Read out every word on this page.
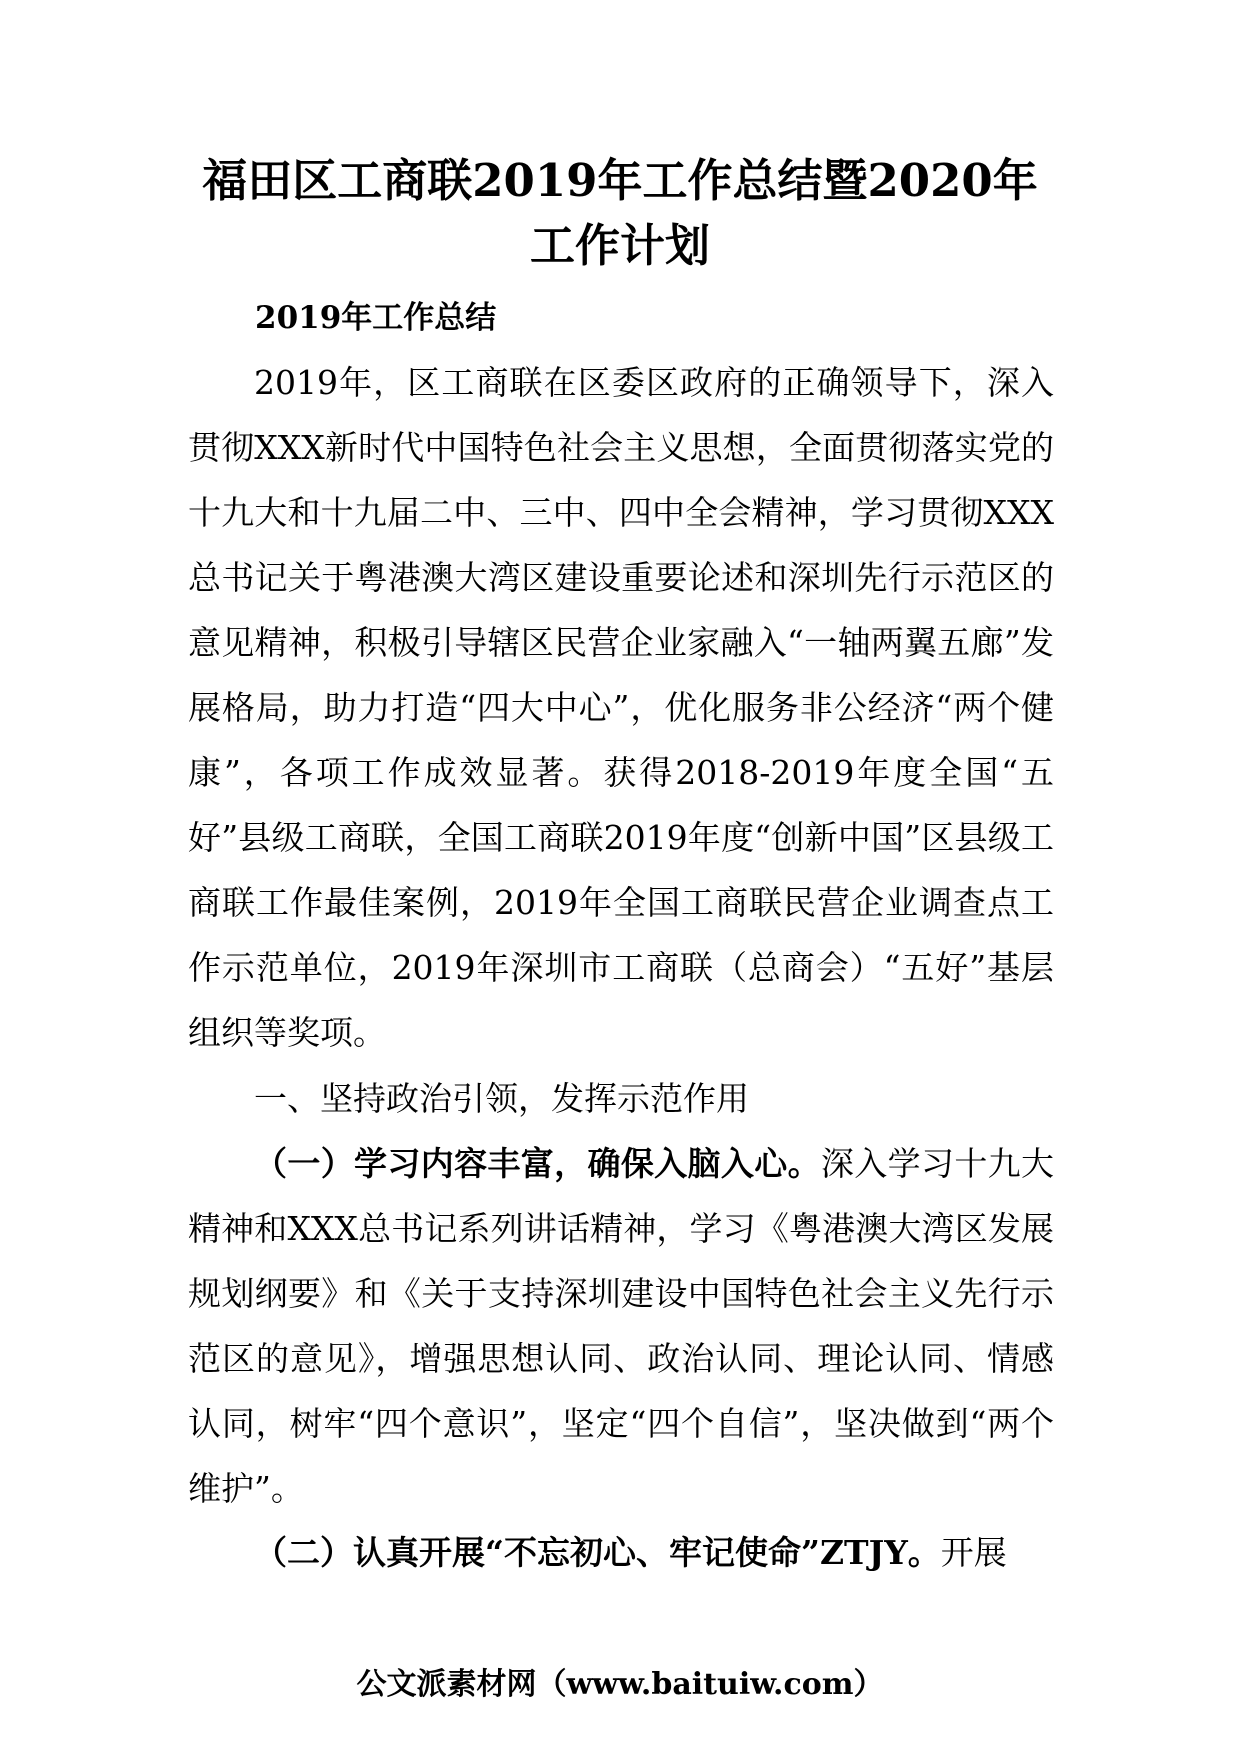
福田区工商联2019年工作总结暨2020年工作计划
2019年工作总结

2019年，区工商联在区委区政府的正确领导下，深入贯彻XXX新时代中国特色社会主义思想，全面贯彻落实党的十九大和十九届二中、三中、四中全会精神，学习贯彻XXX总书记关于粤港澳大湾区建设重要论述和深圳先行示范区的意见精神，积极引导辖区民营企业家融入“一轴两翼五廊”发展格局，助力打造“四大中心”，优化服务非公经济“两个健康”，各项工作成效显著。获得2018-2019年度全国“五好”县级工商联，全国工商联2019年度“创新中国”区县级工商联工作最佳案例，2019年全国工商联民营企业调查点工作示范单位，2019年深圳市工商联（总商会）“五好”基层组织等奖项。

一、坚持政治引领，发挥示范作用

（一）学习内容丰富，确保入脑入心。深入学习十九大精神和XXX总书记系列讲话精神，学习《粤港澳大湾区发展规划纲要》和《关于支持深圳建设中国特色社会主义先行示范区的意见》，增强思想认同、政治认同、理论认同、情感认同，树牢“四个意识”，坚定“四个自信”，坚决做到“两个维护”。

（二）认真开展“不忘初心、牢记使命”ZTJY。开展

公文派素材网（www.baituiw.com）
